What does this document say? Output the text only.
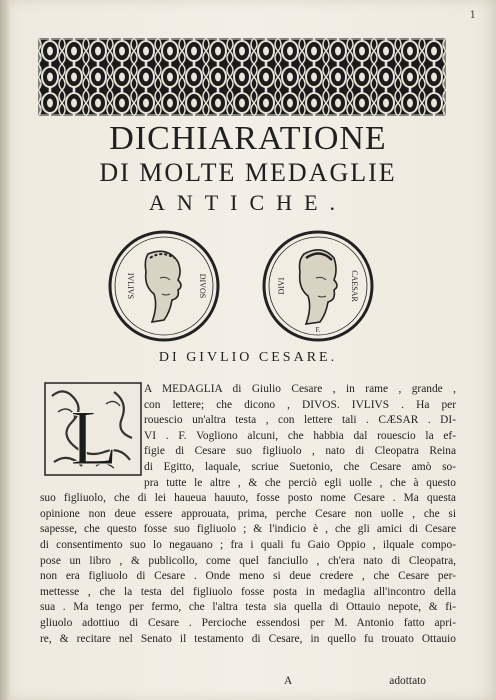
1
DICHIARATIONE
DI MOLTE MEDAGLIE
ANTICHE.
IVLIVS	DIVOS	DIVI
F.
CAESAR
DI GIVLIO CESARE.
L
A MEDAGLIA di Giulio Cesare , in rame , grande ,
con lettere; che dicono , DIVOS. IVLIVS . Ha per
rouescio un'altra testa , con lettere tali . CÆSAR . DI-
VI . F. Vogliono alcuni, che habbia dal rouescio la ef-
figie di Cesare suo figliuolo , nato di Cleopatra Reina
di Egitto, laquale, scriue Suetonio, che Cesare amò so-
pra tutte le altre , & che perciò egli uolle , che à questo
suo figliuolo, che di lei haueua hauuto, fosse posto nome Cesare . Ma questa
opinione non deue essere approuata, prima, perche Cesare non uolle , che si
sapesse, che questo fosse suo figliuolo ; & l'indicio è , che gli amici di Cesare
di consentimento suo lo negauano ; fra i quali fu Gaio Oppio , ilquale compo-
pose un libro , & publicollo, come quel fanciullo , ch'era nato di Cleopatra,
non era figliuolo di Cesare . Onde meno si deue credere , che Cesare per-
mettesse , che la testa del figliuolo fosse posta in medaglia all'incontro della
sua . Ma tengo per fermo, che l'altra testa sia quella di Ottauio nepote, & fi-
gliuolo adottiuo di Cesare . Percioche essendosi per M. Antonio fatto apri-
re, & recitare nel Senato il testamento di Cesare, in quello fu trouato Ottauio
A	adottato
